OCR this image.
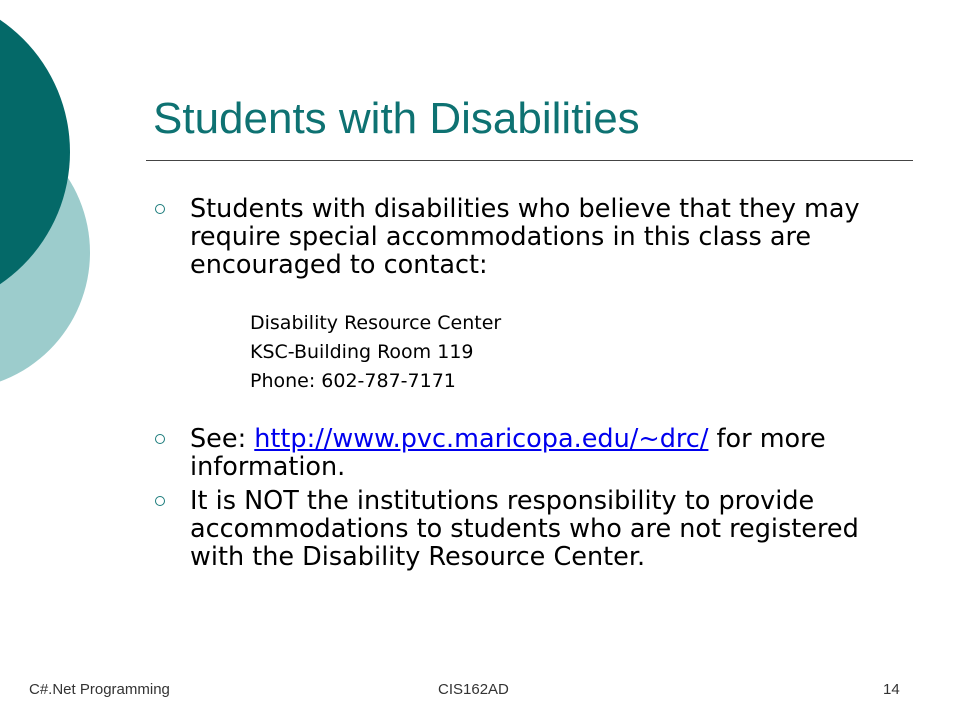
Students with Disabilities
Students with disabilities who believe that they may require special accommodations in this class are encouraged to contact:
Disability Resource Center
KSC-Building Room 119
Phone: 602-787-7171
See: http://www.pvc.maricopa.edu/~drc/ for more information.
It is NOT the institutions responsibility to provide accommodations to students who are not registered with the Disability Resource Center.
C#.Net Programming	CIS162AD	14
